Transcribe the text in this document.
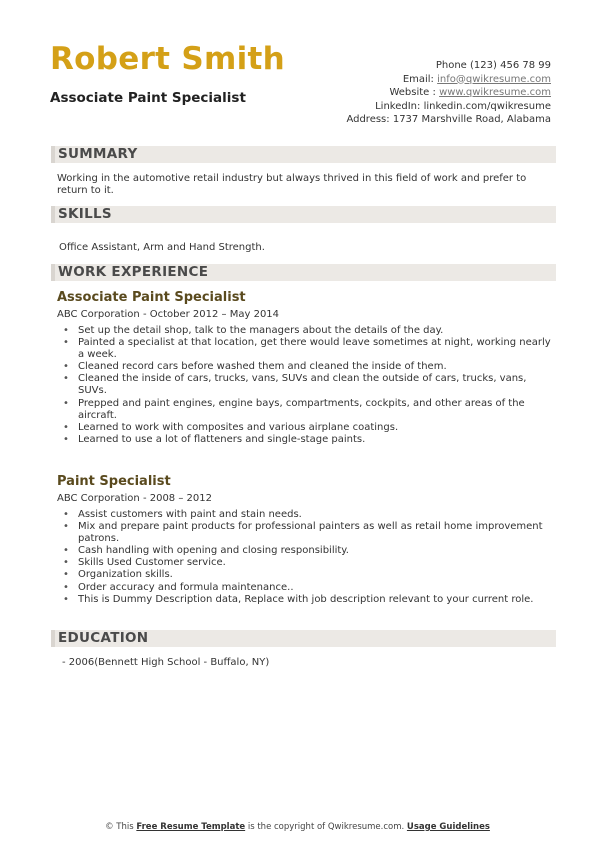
Robert Smith
Associate Paint Specialist
Phone (123) 456 78 99
Email: info@qwikresume.com
Website : www.qwikresume.com
LinkedIn: linkedin.com/qwikresume
Address: 1737 Marshville Road, Alabama
SUMMARY
Working in the automotive retail industry but always thrived in this field of work and prefer to return to it.
SKILLS
Office Assistant, Arm and Hand Strength.
WORK EXPERIENCE
Associate Paint Specialist
ABC Corporation - October 2012 – May 2014
• Set up the detail shop, talk to the managers about the details of the day.
• Painted a specialist at that location, get there would leave sometimes at night, working nearly a week.
• Cleaned record cars before washed them and cleaned the inside of them.
• Cleaned the inside of cars, trucks, vans, SUVs and clean the outside of cars, trucks, vans, SUVs.
• Prepped and paint engines, engine bays, compartments, cockpits, and other areas of the aircraft.
• Learned to work with composites and various airplane coatings.
• Learned to use a lot of flatteners and single-stage paints.
Paint Specialist
ABC Corporation - 2008 – 2012
• Assist customers with paint and stain needs.
• Mix and prepare paint products for professional painters as well as retail home improvement patrons.
• Cash handling with opening and closing responsibility.
• Skills Used Customer service.
• Organization skills.
• Order accuracy and formula maintenance..
• This is Dummy Description data, Replace with job description relevant to your current role.
EDUCATION
- 2006(Bennett High School - Buffalo, NY)
© This Free Resume Template is the copyright of Qwikresume.com. Usage Guidelines
